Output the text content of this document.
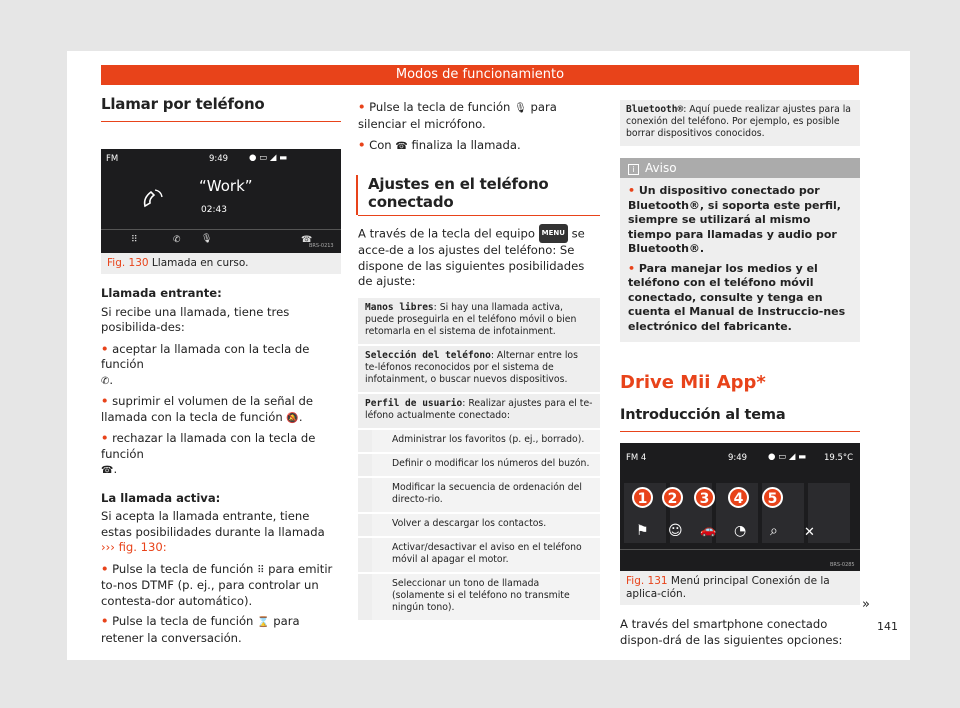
Modos de funcionamiento
Llamar por teléfono
FM	9:49 ● ▭ ◢ ▬
“Work”
02:43
⠿	✆ 🎙	☎
BRS-0213
Fig. 130 Llamada en curso.

Llamada entrante:

Si recibe una llamada, tiene tres posibilida-des:

• aceptar la llamada con la tecla de función
✆.
• suprimir el volumen de la señal de llamada con la tecla de función 🔕.
• rechazar la llamada con la tecla de función
☎.

La llamada activa:

Si acepta la llamada entrante, tiene estas posibilidades durante la llamada ››› fig. 130:

• Pulse la tecla de función ⠿ para emitir to-nos DTMF (p. ej., para controlar un contesta-dor automático).
• Pulse la tecla de función ⌛ para retener la conversación.
• Pulse la tecla de función 🎙 para silenciar el micrófono.
• Con ☎ finaliza la llamada.
Ajustes en el teléfono conectado

A través de la tecla del equipo MENU se acce-de a los ajustes del teléfono: Se dispone de las siguientes posibilidades de ajuste:

Manos libres: Si hay una llamada activa, puede proseguirla en el teléfono móvil o bien retomarla en el sistema de infotainment.	
Selección del teléfono: Alternar entre los te-léfonos reconocidos por el sistema de infotainment, o buscar nuevos dispositivos.	
Perfil de usuario: Realizar ajustes para el te-léfono actualmente conectado:	
	Administrar los favoritos (p. ej., borrado).
	Definir o modificar los números del buzón.
	Modificar la secuencia de ordenación del directo-rio.
	Volver a descargar los contactos.
	Activar/desactivar el aviso en el teléfono móvil al apagar el motor.
	Seleccionar un tono de llamada (solamente si el teléfono no transmite ningún tono).
Bluetooth®: Aquí puede realizar ajustes para la conexión del teléfono. Por ejemplo, es posible borrar dispositivos conocidos.
i Aviso
• Un dispositivo conectado por Bluetooth®, si soporta este perfil, siempre se utilizará al mismo tiempo para llamadas y audio por Bluetooth®.
• Para manejar los medios y el teléfono con el teléfono móvil conectado, consulte y tenga en cuenta el Manual de Instruccio-nes electrónico del fabricante.
Drive Mii App*
Introducción al tema
FM 4	9:49 ● ▭ ◢ ▬ 19.5°C
1	2	3	4	5
⚑ ☺ 🚗 ◔ ⌕ ✕
BRS-0285
Fig. 131 Menú principal Conexión de la aplica-ción.

A través del smartphone conectado dispon-drá de las siguientes opciones:

»
141
